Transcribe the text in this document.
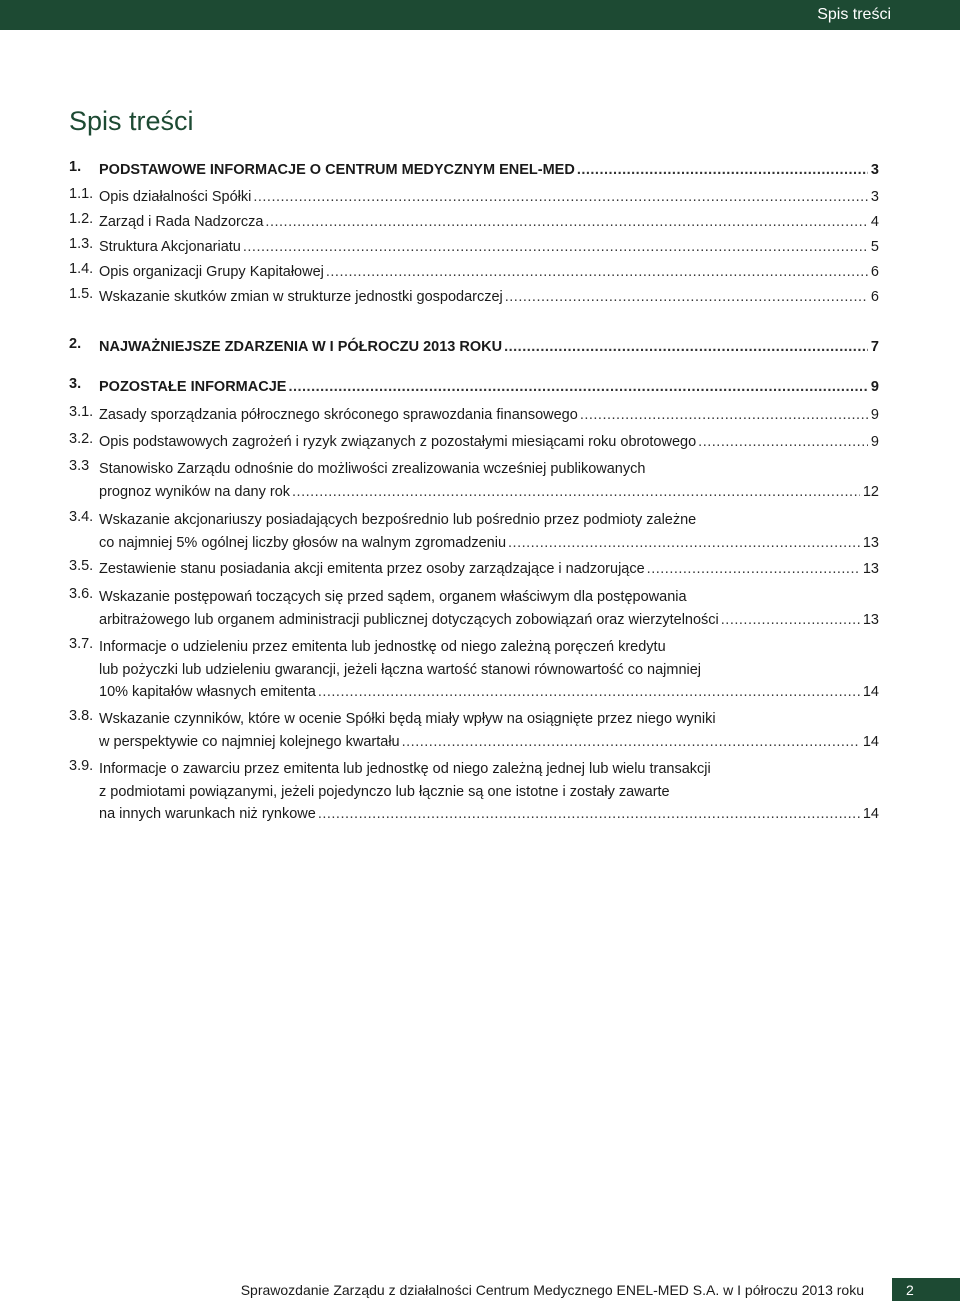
Spis treści
Spis treści
1. PODSTAWOWE INFORMACJE O CENTRUM MEDYCZNYM ENEL-MED .....	3
1.1. Opis działalności Spółki .....	3
1.2. Zarząd i Rada Nadzorcza .....	4
1.3. Struktura Akcjonariatu .....	5
1.4. Opis organizacji Grupy Kapitałowej .....	6
1.5. Wskazanie skutków zmian w strukturze jednostki gospodarczej .....	6
2. NAJWAŻNIEJSZE ZDARZENIA W I PÓŁROCZU 2013 ROKU .....	7
3. POZOSTAŁE INFORMACJE .....	9
3.1. Zasady sporządzania półrocznego skróconego sprawozdania finansowego .....	9
3.2. Opis podstawowych zagrożeń i ryzyk związanych z pozostałymi miesiącami roku obrotowego .....	9
3.3 Stanowisko Zarządu odnośnie do możliwości zrealizowania wcześniej publikowanych
prognoz wyników na dany rok .....	12
3.4. Wskazanie akcjonariuszy posiadających bezpośrednio lub pośrednio przez podmioty zależne
co najmniej 5% ogólnej liczby głosów na walnym zgromadzeniu .....	13
3.5. Zestawienie stanu posiadania akcji emitenta przez osoby zarządzające i nadzorujące .....	13
3.6. Wskazanie postępowań toczących się przed sądem, organem właściwym dla postępowania
arbitrażowego lub organem administracji publicznej dotyczących zobowiązań oraz wierzytelności .....	13
3.7. Informacje o udzieleniu przez emitenta lub jednostkę od niego zależną poręczeń kredytu
lub pożyczki lub udzieleniu gwarancji, jeżeli łączna wartość stanowi równowartość co najmniej
10% kapitałów własnych emitenta .....	14
3.8. Wskazanie czynników, które w ocenie Spółki będą miały wpływ na osiągnięte przez niego wyniki
w perspektywie co najmniej kolejnego kwartału .....	14
3.9. Informacje o zawarciu przez emitenta lub jednostkę od niego zależną jednej lub wielu transakcji
z podmiotami powiązanymi, jeżeli pojedynczo lub łącznie są one istotne i zostały zawarte
na innych warunkach niż rynkowe .....	14
Sprawozdanie Zarządu z działalności Centrum Medycznego ENEL-MED S.A. w I półroczu 2013 roku	2
